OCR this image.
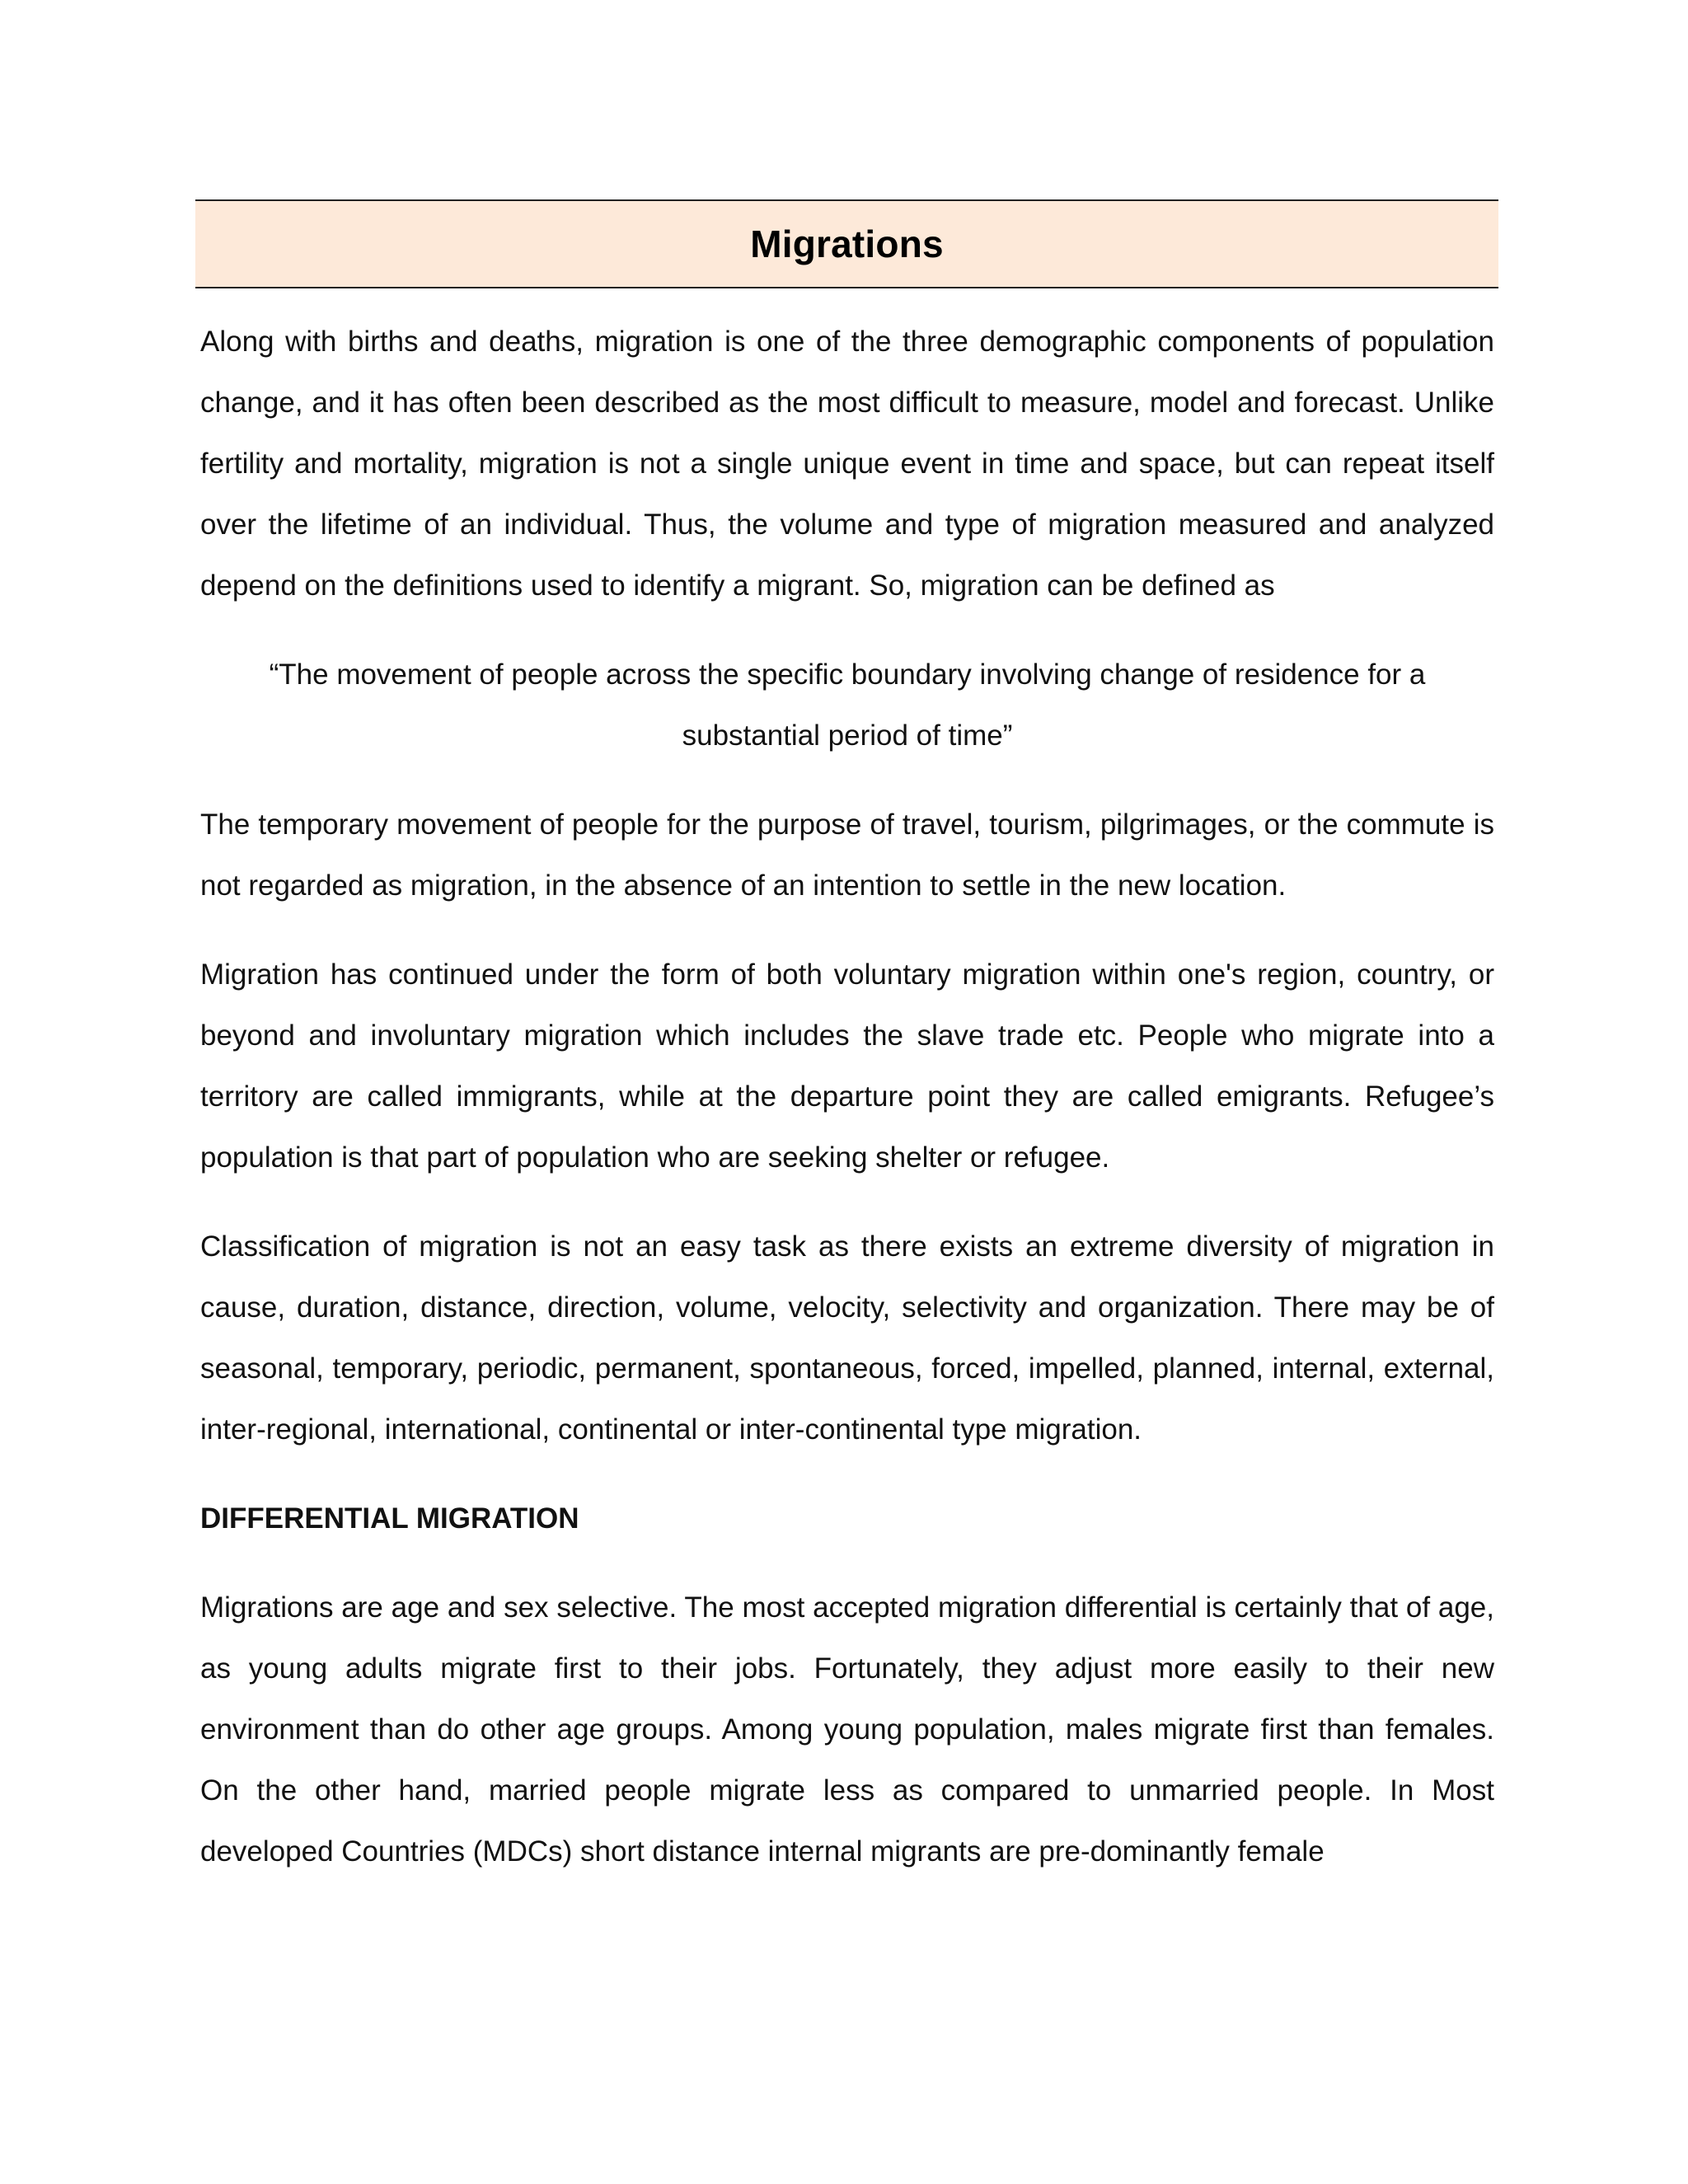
Migrations

Along with births and deaths, migration is one of the three demographic components of population change, and it has often been described as the most difficult to measure, model and forecast. Unlike fertility and mortality, migration is not a single unique event in time and space, but can repeat itself over the lifetime of an individual. Thus, the volume and type of migration measured and analyzed depend on the definitions used to identify a migrant. So, migration can be defined as

“The movement of people across the specific boundary involving change of residence for a substantial period of time”

The temporary movement of people for the purpose of travel, tourism, pilgrimages, or the commute is not regarded as migration, in the absence of an intention to settle in the new location.

Migration has continued under the form of both voluntary migration within one's region, country, or beyond and involuntary migration which includes the slave trade etc. People who migrate into a territory are called immigrants, while at the departure point they are called emigrants. Refugee’s population is that part of population who are seeking shelter or refugee.

Classification of migration is not an easy task as there exists an extreme diversity of migration in cause, duration, distance, direction, volume, velocity, selectivity and organization. There may be of seasonal, temporary, periodic, permanent, spontaneous, forced, impelled, planned, internal, external, inter-regional, international, continental or inter-continental type migration.

DIFFERENTIAL MIGRATION

Migrations are age and sex selective. The most accepted migration differential is certainly that of age, as young adults migrate first to their jobs. Fortunately, they adjust more easily to their new environment than do other age groups. Among young population, males migrate first than females. On the other hand, married people migrate less as compared to unmarried people. In Most developed Countries (MDCs) short distance internal migrants are pre-dominantly female
